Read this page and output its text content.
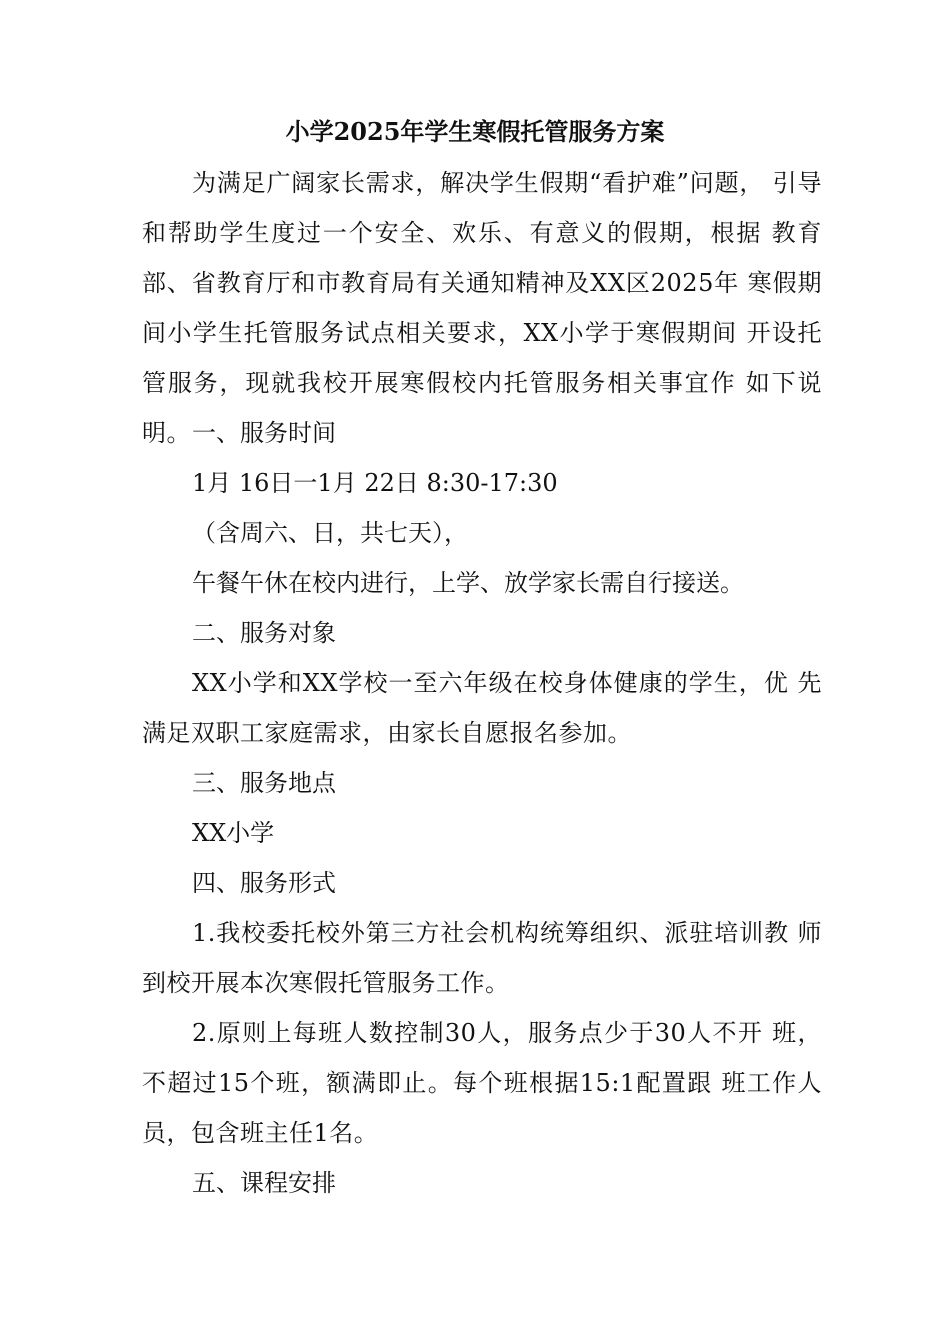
小学2025年学生寒假托管服务方案

为满足广阔家长需求，解决学生假期“看护难”问题， 引导和帮助学生度过一个安全、欢乐、有意义的假期，根据 教育部、省教育厅和市教育局有关通知精神及XX区2025年 寒假期间小学生托管服务试点相关要求，XX小学于寒假期间 开设托管服务，现就我校开展寒假校内托管服务相关事宜作 如下说明。 一、服务时间

1月 16日一1月 22日 8:30-17:30

（含周六、日，共七天），

午餐午休在校内进行，上学、放学家长需自行接送。

二、服务对象

XX小学和XX学校一至六年级在校身体健康的学生，优 先满足双职工家庭需求，由家长自愿报名参加。

三、服务地点

XX小学

四、服务形式

1.我校委托校外第三方社会机构统筹组织、派驻培训教 师到校开展本次寒假托管服务工作。

2.原则上每班人数控制30人，服务点少于30人不开 班，不超过15个班，额满即止。每个班根据15:1配置跟 班工作人员，包含班主任1名。

五、课程安排
